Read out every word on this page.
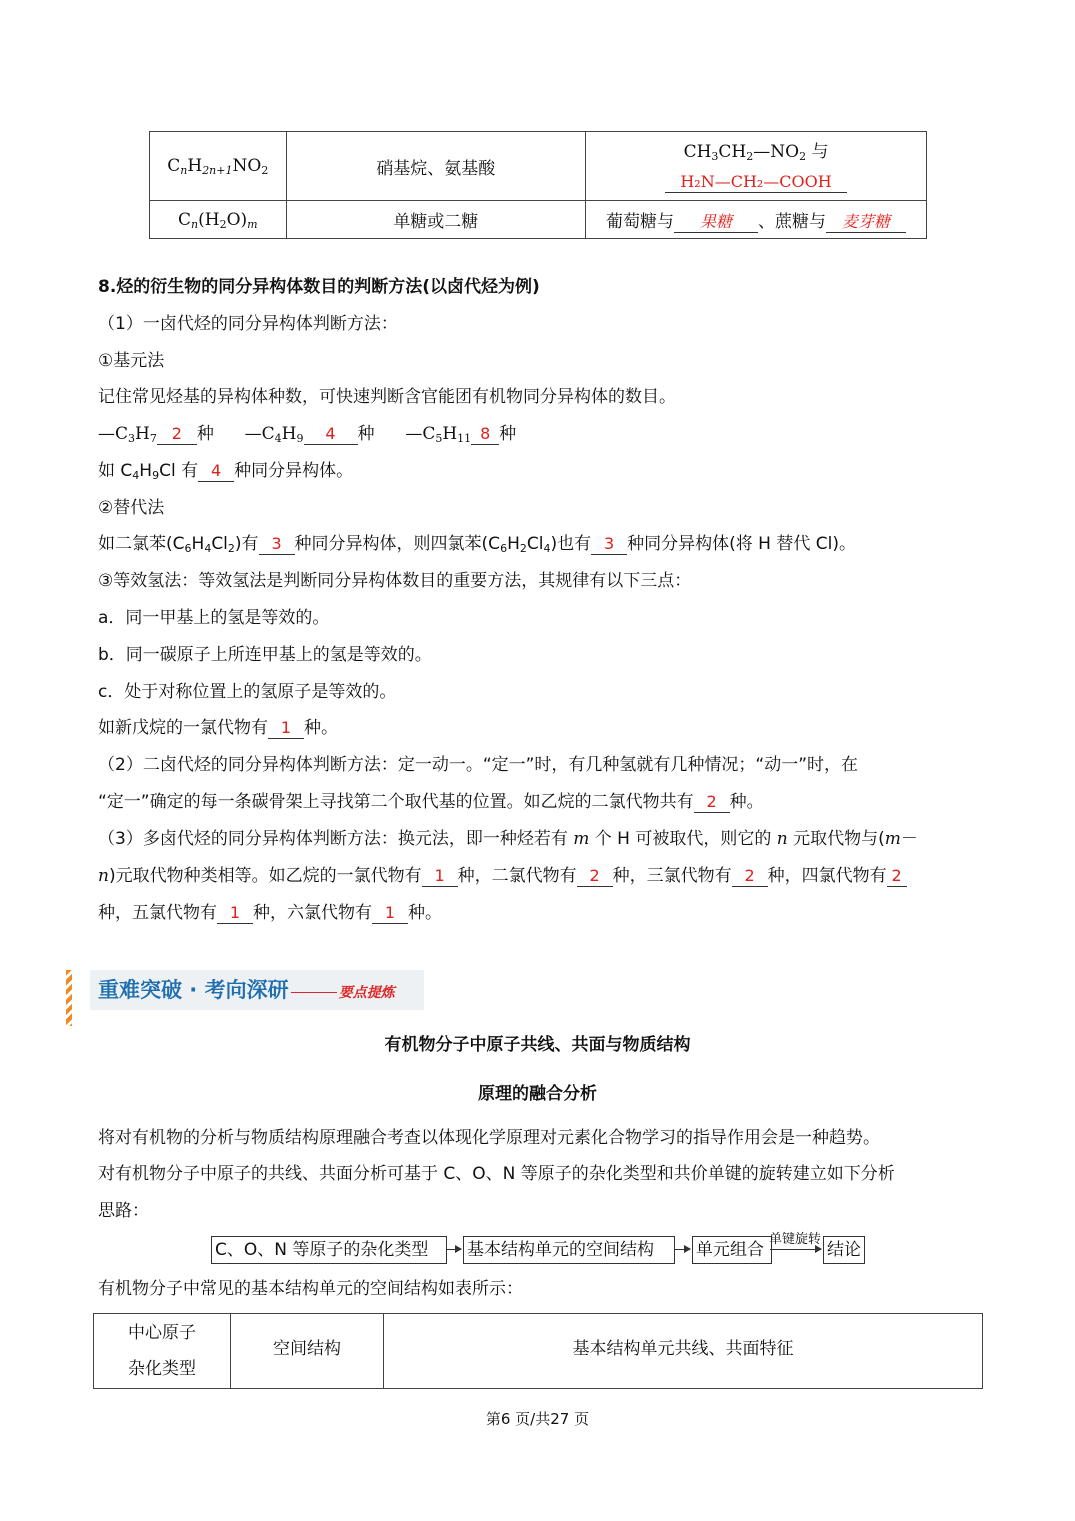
$C_nH_{2n+1}NO_2$	硝基烷、氨基酸	$CH_3CH_2—NO_2$ 与
H₂N—CH₂—COOH

$C_n(H_2O)_m$	单糖或二糖	葡萄糖与 果糖 、蔗糖与 麦芽糖
8.烃的衍生物的同分异构体数目的判断方法(以卤代烃为例)
（1）一卤代烃的同分异构体判断方法：
①基元法
记住常见烃基的异构体种数，可快速判断含官能团有机物同分异构体的数目。
$—C_3H_7$ 2 种 $—C_4H_9$ 4 种 $—C_5H_{11}$ 8 种
如 $C_4H_9Cl$ 有 4 种同分异构体。
②替代法
如二氯苯$(C_6H_4Cl_2)$有 3 种同分异构体，则四氯苯$(C_6H_2Cl_4)$也有 3 种同分异构体(将 H 替代 Cl)。
③等效氢法：等效氢法是判断同分异构体数目的重要方法，其规律有以下三点：
a．同一甲基上的氢是等效的。
b．同一碳原子上所连甲基上的氢是等效的。
c．处于对称位置上的氢原子是等效的。
如新戊烷的一氯代物有 1 种。
（2）二卤代烃的同分异构体判断方法：定一动一。“定一”时，有几种氢就有几种情况；“动一”时，在
“定一”确定的每一条碳骨架上寻找第二个取代基的位置。如乙烷的二氯代物共有 2 种。
（3）多卤代烃的同分异构体判断方法：换元法，即一种烃若有 m 个 H 可被取代，则它的 n 元取代物与(m－
n)元取代物种类相等。如乙烷的一氯代物有 1 种，二氯代物有 2 种，三氯代物有 2 种，四氯代物有 2
种，五氯代物有 1 种，六氯代物有 1 种。
重难突破 · 考向深研	要点提炼
有机物分子中原子共线、共面与物质结构
原理的融合分析
将对有机物的分析与物质结构原理融合考查以体现化学原理对元素化合物学习的指导作用会是一种趋势。
对有机物分子中原子的共线、共面分析可基于 C、O、N 等原子的杂化类型和共价单键的旋转建立如下分析
思路：
C、O、N 等原子的杂化类型	基本结构单元的空间结构	单元组合
单键旋转
结论
有机物分子中常见的基本结构单元的空间结构如表所示：
中心原子
杂化类型
	空间结构	基本结构单元共线、共面特征
第6 页/共27 页
